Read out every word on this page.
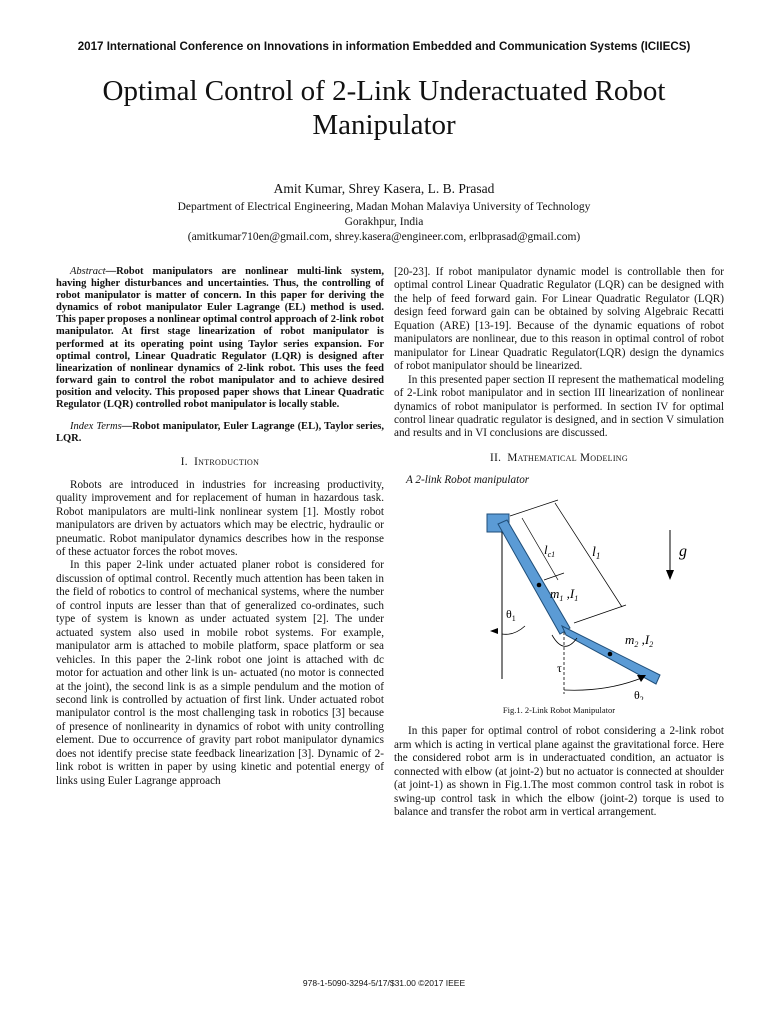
2017 International Conference on Innovations in information Embedded and Communication Systems (ICIIECS)
Optimal Control of 2-Link Underactuated Robot Manipulator
Amit Kumar, Shrey Kasera, L. B. Prasad
Department of Electrical Engineering, Madan Mohan Malaviya University of Technology
Gorakhpur, India
(amitkumar710en@gmail.com, shrey.kasera@engineer.com, erlbprasad@gmail.com)

Abstract—Robot manipulators are nonlinear multi-link system, having higher disturbances and uncertainties. Thus, the controlling of robot manipulator is matter of concern. In this paper for deriving the dynamics of robot manipulator Euler Lagrange (EL) method is used. This paper proposes a nonlinear optimal control approach of 2-link robot manipulator. At first stage linearization of robot manipulator is performed at its operating point using Taylor series expansion. For optimal control, Linear Quadratic Regulator (LQR) is designed after linearization of nonlinear dynamics of 2-link robot. This uses the feed forward gain to control the robot manipulator and to achieve desired position and velocity. This proposed paper shows that Linear Quadratic Regulator (LQR) controlled robot manipulator is locally stable.

Index Terms—Robot manipulator, Euler Lagrange (EL), Taylor series, LQR.

I. Introduction

Robots are introduced in industries for increasing productivity, quality improvement and for replacement of human in hazardous task. Robot manipulators are multi-link nonlinear system [1]. Mostly robot manipulators are driven by actuators which may be electric, hydraulic or pneumatic. Robot manipulator dynamics describes how in the response of these actuator forces the robot moves.

In this paper 2-link under actuated planer robot is considered for discussion of optimal control. Recently much attention has been taken in the field of robotics to control of mechanical systems, where the number of control inputs are lesser than that of generalized co-ordinates, such type of system is known as under actuated system [2]. The under actuated system also used in mobile robot systems. For example, manipulator arm is attached to mobile platform, space platform or sea vehicles. In this paper the 2-link robot one joint is attached with dc motor for actuation and other link is un- actuated (no motor is connected at the joint), the second link is as a simple pendulum and the motion of second link is controlled by actuation of first link. Under actuated robot manipulator control is the most challenging task in robotics [3] because of presence of nonlinearity in dynamics of robot with unity controlling element. Due to occurrence of gravity part robot manipulator dynamics does not identify precise state feedback linearization [3]. Dynamic of 2-link robot is written in paper by using kinetic and potential energy of links using Euler Lagrange approach

[20-23]. If robot manipulator dynamic model is controllable then for optimal control Linear Quadratic Regulator (LQR) can be designed with the help of feed forward gain. For Linear Quadratic Regulator (LQR) design feed forward gain can be obtained by solving Algebraic Recatti Equation (ARE) [13-19]. Because of the dynamic equations of robot manipulators are nonlinear, due to this reason in optimal control of robot manipulator for Linear Quadratic Regulator(LQR) design the dynamics of robot manipulator should be linearized.

In this presented paper section II represent the mathematical modeling of 2-Link robot manipulator and in section III linearization of nonlinear dynamics of robot manipulator is performed. In section IV for optimal control linear quadratic regulator is designed, and in section V simulation and results and in VI conclusions are discussed.

II. Mathematical Modeling

A 2-link Robot manipulator

$l_{c1}$	$l_1$	g
$m_1$ $,I_1$
$m_2$ $,I_2$
$\theta_1$
τ
$\theta_2$

Fig.1. 2-Link Robot Manipulator

In this paper for optimal control of robot considering a 2-link robot arm which is acting in vertical plane against the gravitational force. Here the considered robot arm is in underactuated condition, an actuator is connected with elbow (at joint-2) but no actuator is connected at shoulder (at joint-1) as shown in Fig.1.The most common control task in robot is swing-up control task in which the elbow (joint-2) torque is used to balance and transfer the robot arm in vertical arrangement.

978-1-5090-3294-5/17/$31.00 ©2017 IEEE
